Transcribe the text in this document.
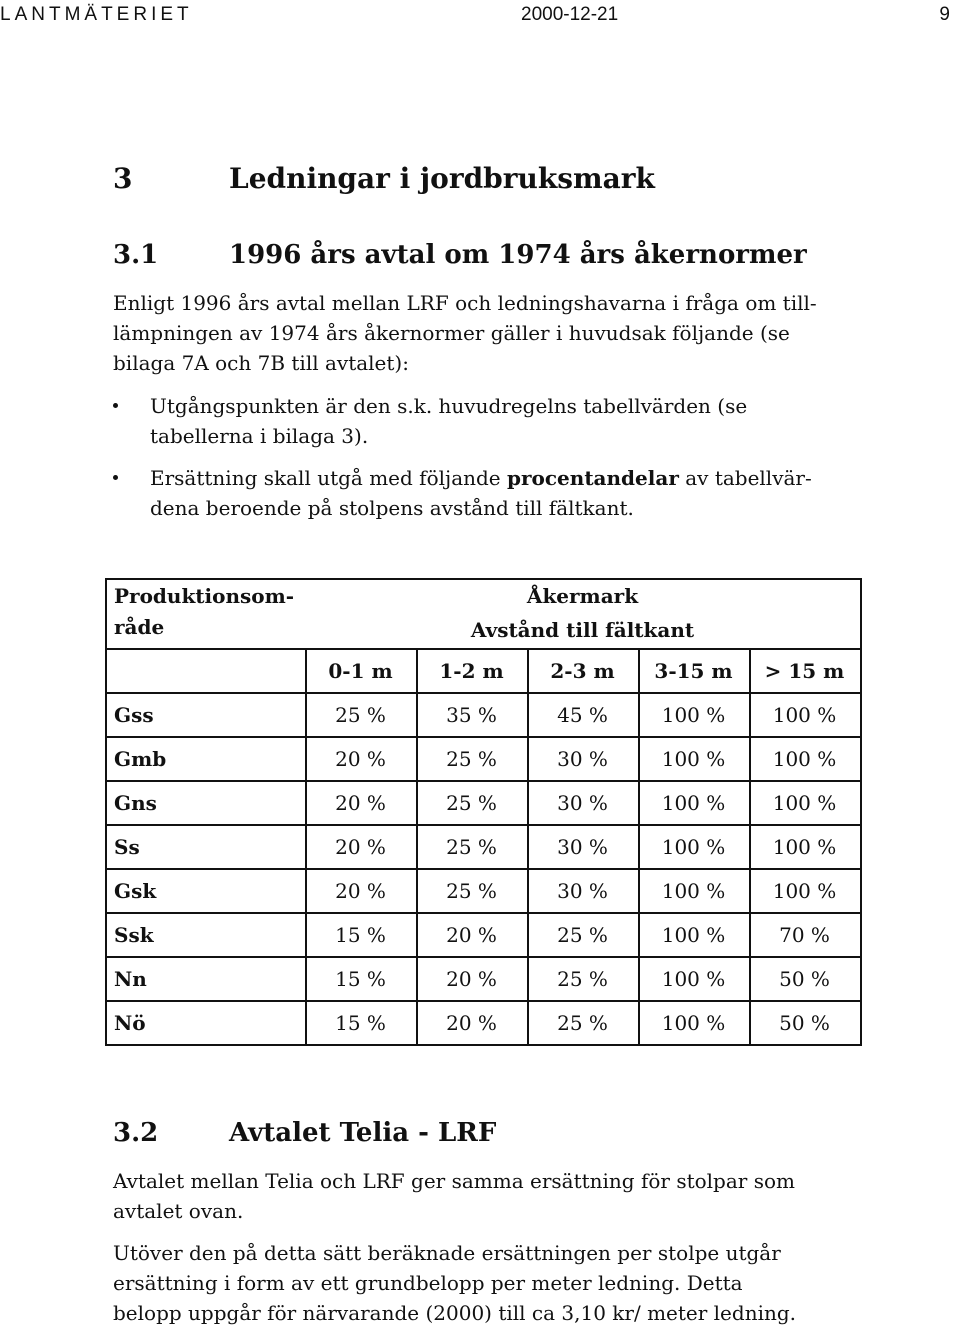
LANTMÄTERIET	2000-12-21	9
3	Ledningar i jordbruksmark
3.1	1996 års avtal om 1974 års åkernormer
Enligt 1996 års avtal mellan LRF och ledningshavarna i fråga om till-
lämpningen av 1974 års åkernormer gäller i huvudsak följande (se
bilaga 7A och 7B till avtalet):
Utgångspunkten är den s.k. huvudregelns tabellvärden (se
tabellerna i bilaga 3).
Ersättning skall utgå med följande procentandelar av tabellvär-
dena beroende på stolpens avstånd till fältkant.
Produktionsom-
råde
Åkermark
Avstånd till fältkant
0-1 m	1-2 m	2-3 m	3-15 m	> 15 m
Gss	25 %	35 %	45 %	100 %	100 %
Gmb	20 %	25 %	30 %	100 %	100 %
Gns	20 %	25 %	30 %	100 %	100 %
Ss	20 %	25 %	30 %	100 %	100 %
Gsk	20 %	25 %	30 %	100 %	100 %
Ssk	15 %	20 %	25 %	100 %	70 %
Nn	15 %	20 %	25 %	100 %	50 %
Nö	15 %	20 %	25 %	100 %	50 %
3.2	Avtalet Telia - LRF
Avtalet mellan Telia och LRF ger samma ersättning för stolpar som
avtalet ovan.
Utöver den på detta sätt beräknade ersättningen per stolpe utgår
ersättning i form av ett grundbelopp per meter ledning. Detta
belopp uppgår för närvarande (2000) till ca 3,10 kr/ meter ledning.
